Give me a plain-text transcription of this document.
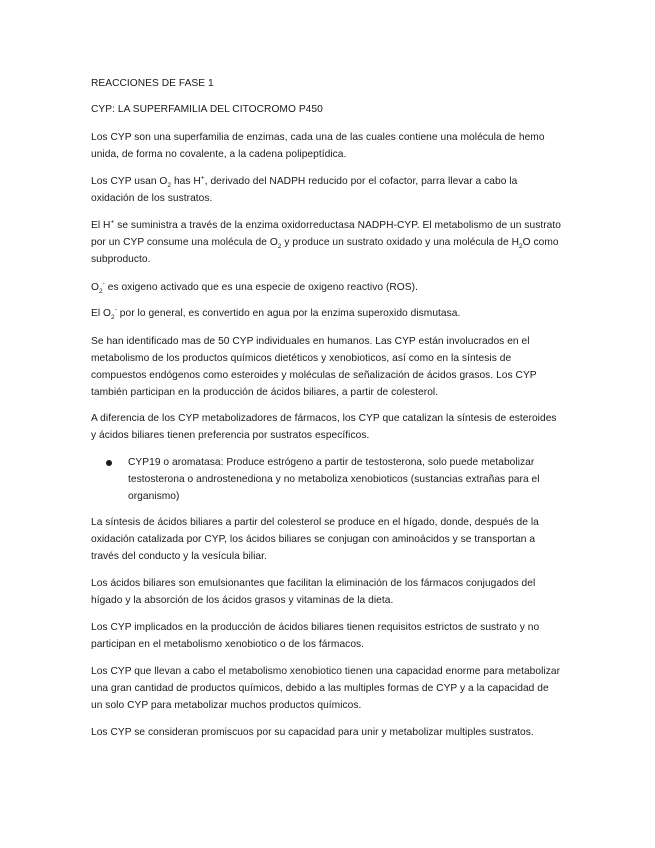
REACCIONES DE FASE 1

CYP: LA SUPERFAMILIA DEL CITOCROMO P450

Los CYP son una superfamilia de enzimas, cada una de las cuales contiene una molécula de hemo unida, de forma no covalente, a la cadena polipeptídica.

Los CYP usan $O_2$ has H+, derivado del NADPH reducido por el cofactor, parra llevar a cabo la oxidación de los sustratos.

El H+ se suministra a través de la enzima oxidorreductasa NADPH-CYP. El metabolismo de un sustrato por un CYP consume una molécula de $O_2$ y produce un sustrato oxidado y una molécula de $H_2O$ como subproducto.

$O_2^-$ es oxigeno activado que es una especie de oxigeno reactivo (ROS).

El $O_2^-$ por lo general, es convertido en agua por la enzima superoxido dismutasa.

Se han identificado mas de 50 CYP individuales en humanos. Las CYP están involucrados en el metabolismo de los productos químicos dietéticos y xenobioticos, así como en la síntesis de compuestos endógenos como esteroides y moléculas de señalización de ácidos grasos. Los CYP también participan en la producción de ácidos biliares, a partir de colesterol.

A diferencia de los CYP metabolizadores de fármacos, los CYP que catalizan la síntesis de esteroides y ácidos biliares tienen preferencia por sustratos específicos.

CYP19 o aromatasa: Produce estrógeno a partir de testosterona, solo puede metabolizar testosterona o androstenediona y no metaboliza xenobioticos (sustancias extrañas para el organismo)

La síntesis de ácidos biliares a partir del colesterol se produce en el hígado, donde, después de la oxidación catalizada por CYP, los ácidos biliares se conjugan con aminoácidos y se transportan a través del conducto y la vesícula biliar.

Los ácidos biliares son emulsionantes que facilitan la eliminación de los fármacos conjugados del hígado y la absorción de los ácidos grasos y vitaminas de la dieta.

Los CYP implicados en la producción de ácidos biliares tienen requisitos estrictos de sustrato y no participan en el metabolismo xenobiotico o de los fármacos.

Los CYP que llevan a cabo el metabolismo xenobiotico tienen una capacidad enorme para metabolizar una gran cantidad de productos químicos, debido a las multiples formas de CYP y a la capacidad de un solo CYP para metabolizar muchos productos químicos.

Los CYP se consideran promiscuos por su capacidad para unir y metabolizar multiples sustratos.
